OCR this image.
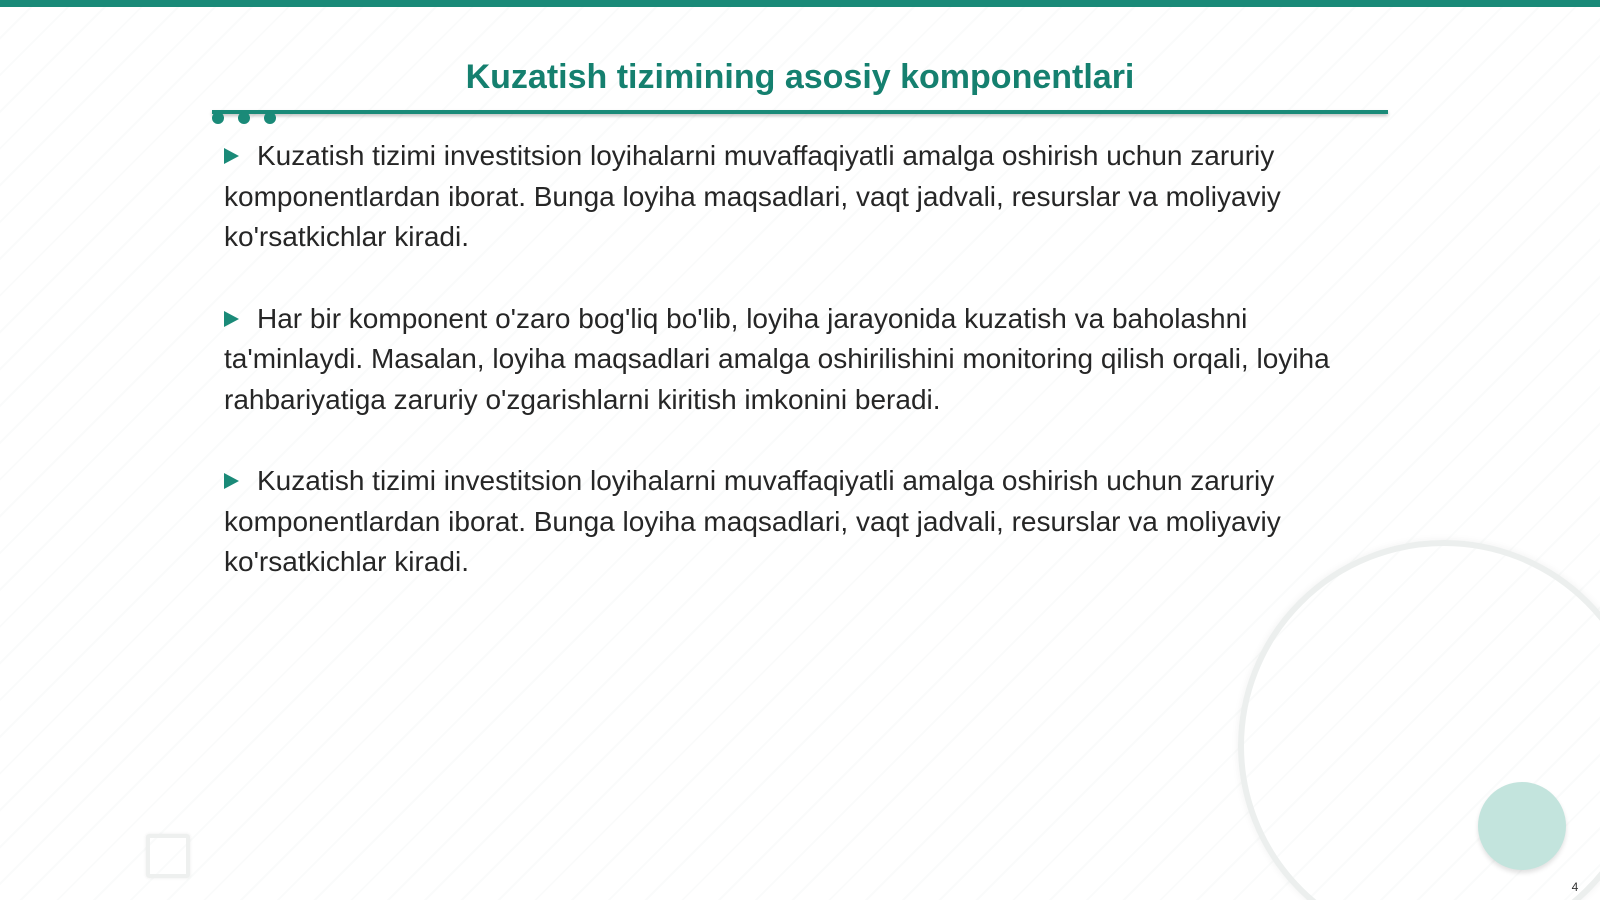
Kuzatish tizimining asosiy komponentlari

Kuzatish tizimi investitsion loyihalarni muvaffaqiyatli amalga oshirish uchun zaruriy komponentlardan iborat. Bunga loyiha maqsadlari, vaqt jadvali, resurslar va moliyaviy ko'rsatkichlar kiradi.

Har bir komponent o'zaro bog'liq bo'lib, loyiha jarayonida kuzatish va baholashni ta'minlaydi. Masalan, loyiha maqsadlari amalga oshirilishini monitoring qilish orqali, loyiha rahbariyatiga zaruriy o'zgarishlarni kiritish imkonini beradi.

Kuzatish tizimi investitsion loyihalarni muvaffaqiyatli amalga oshirish uchun zaruriy komponentlardan iborat. Bunga loyiha maqsadlari, vaqt jadvali, resurslar va moliyaviy ko'rsatkichlar kiradi.

4
